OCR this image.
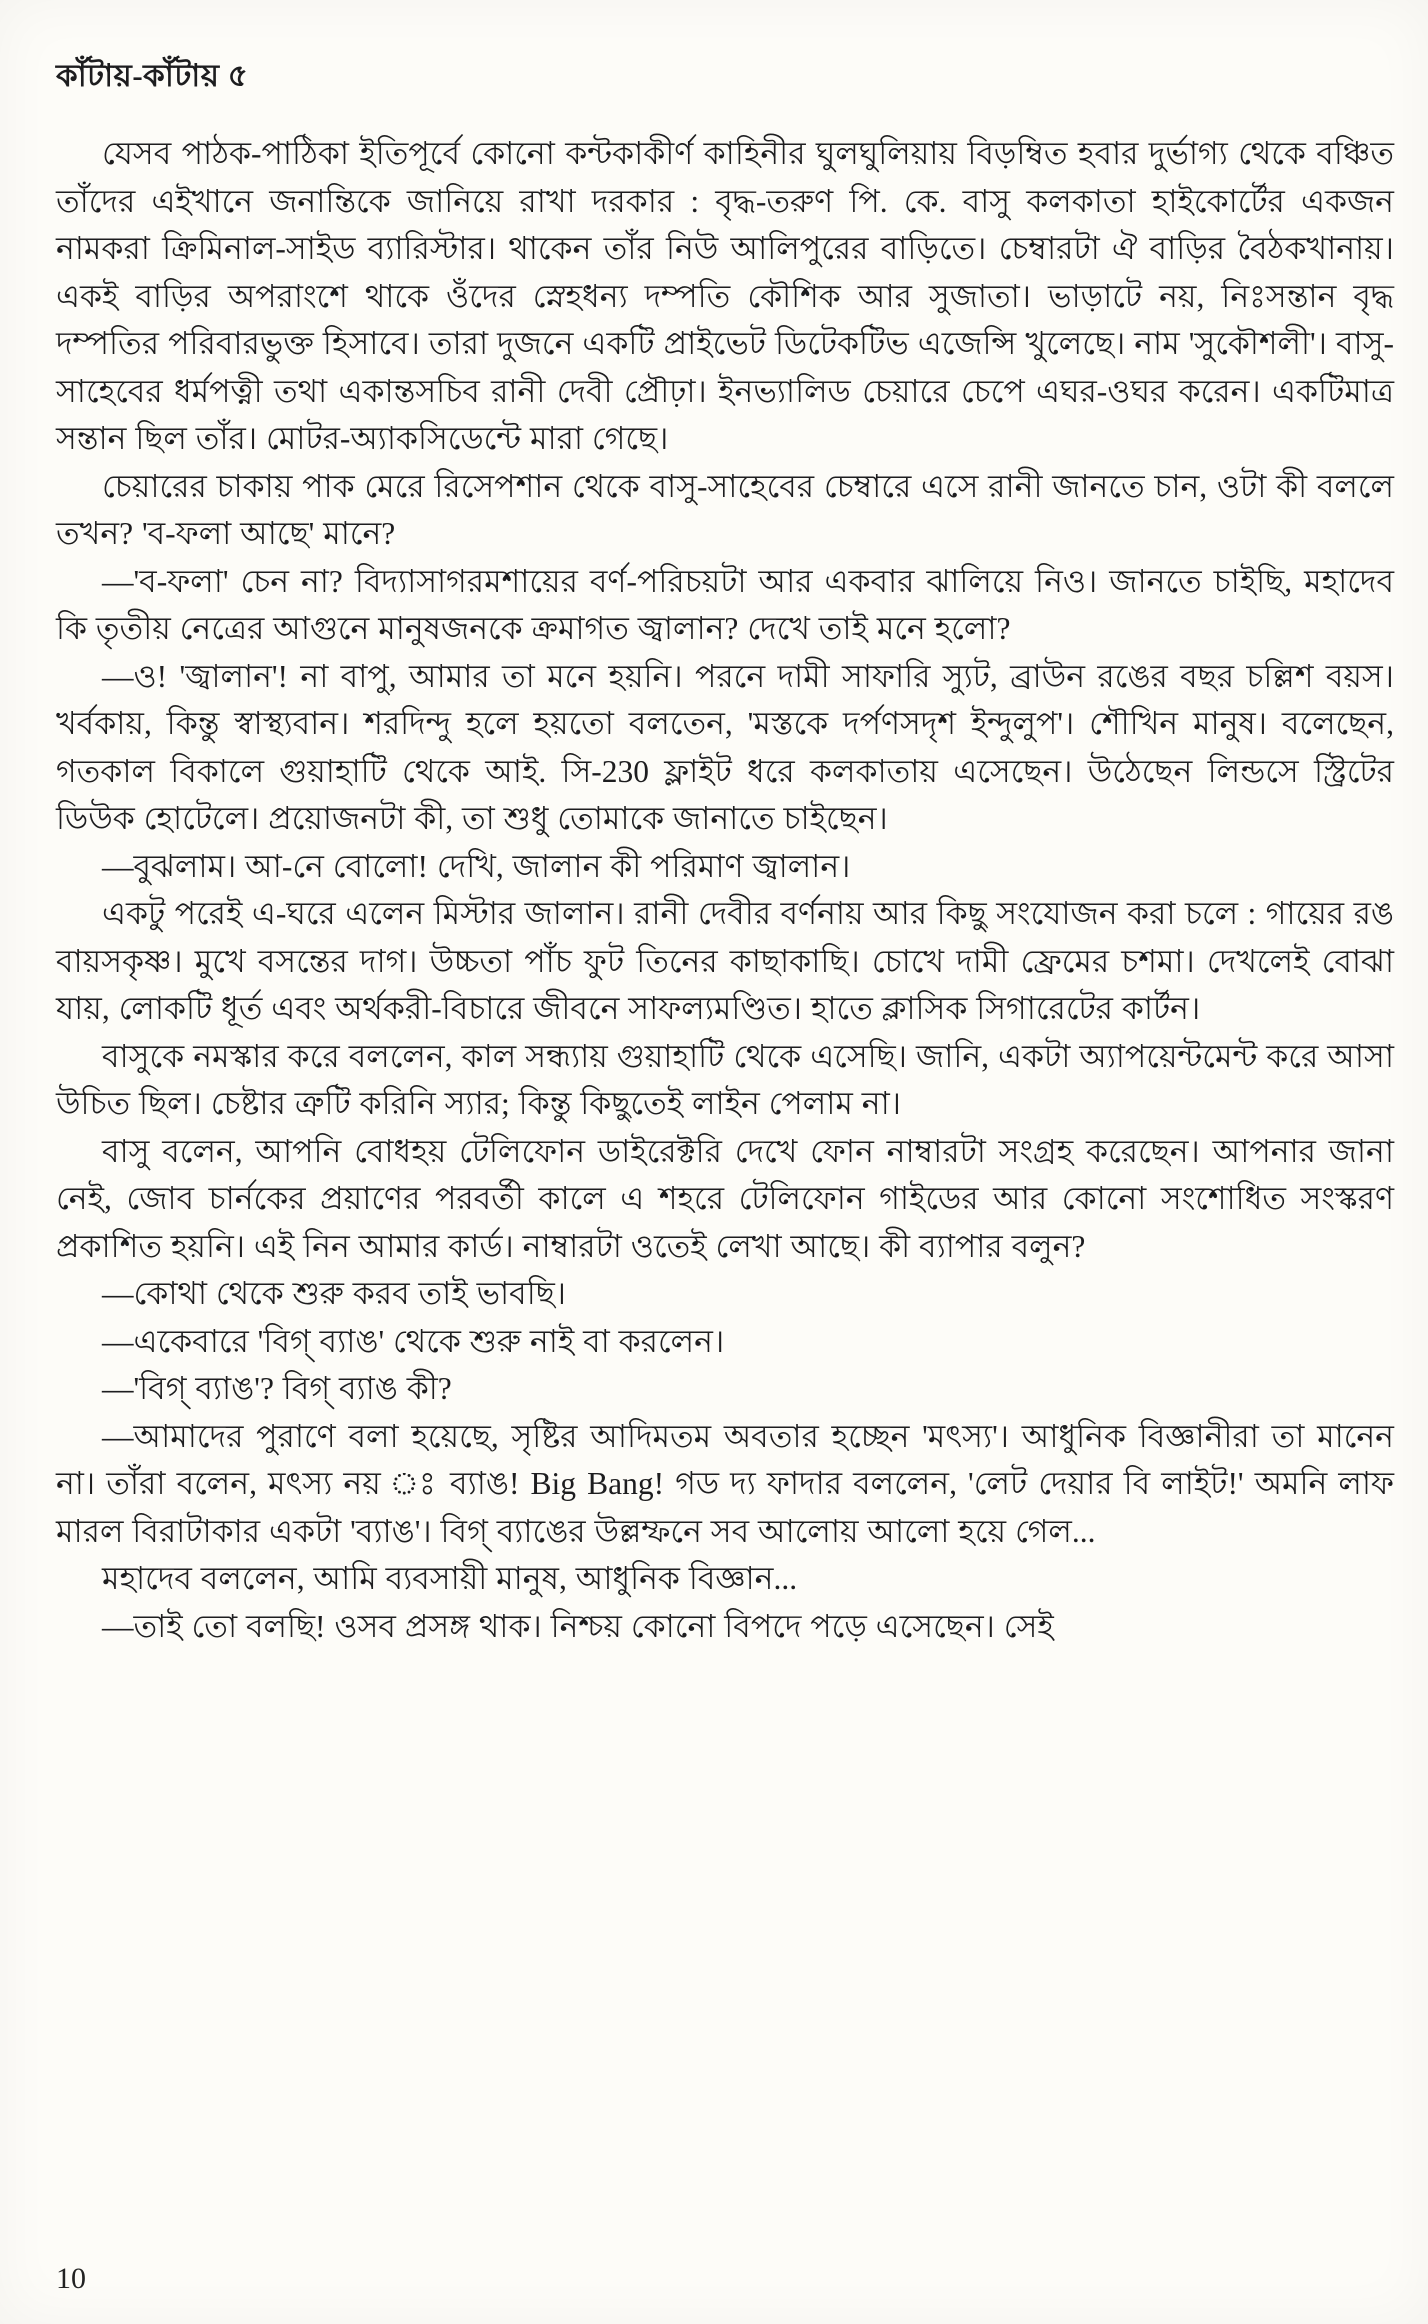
কাঁটায়-কাঁটায় ৫

যেসব পাঠক-পাঠিকা ইতিপূর্বে কোনো কন্টকাকীর্ণ কাহিনীর ঘুলঘুলিয়ায় বিড়ম্বিত হবার দুর্ভাগ্য থেকে বঞ্চিত তাঁদের এইখানে জনান্তিকে জানিয়ে রাখা দরকার : বৃদ্ধ-তরুণ পি. কে. বাসু কলকাতা হাইকোর্টের একজন নামকরা ক্রিমিনাল-সাইড ব্যারিস্টার। থাকেন তাঁর নিউ আলিপুরের বাড়িতে। চেম্বারটা ঐ বাড়ির বৈঠকখানায়। একই বাড়ির অপরাংশে থাকে ওঁদের স্নেহধন্য দম্পতি কৌশিক আর সুজাতা। ভাড়াটে নয়, নিঃসন্তান বৃদ্ধ দম্পতির পরিবারভুক্ত হিসাবে। তারা দুজনে একটি প্রাইভেট ডিটেকটিভ এজেন্সি খুলেছে। নাম 'সুকৌশলী'। বাসু-সাহেবের ধর্মপত্নী তথা একান্তসচিব রানী দেবী প্রৌঢ়া। ইনভ্যালিড চেয়ারে চেপে এঘর-ওঘর করেন। একটিমাত্র সন্তান ছিল তাঁর। মোটর-অ্যাকসিডেন্টে মারা গেছে।

চেয়ারের চাকায় পাক মেরে রিসেপশান থেকে বাসু-সাহেবের চেম্বারে এসে রানী জানতে চান, ওটা কী বললে তখন? 'ব-ফলা আছে' মানে?

—'ব-ফলা' চেন না? বিদ্যাসাগরমশায়ের বর্ণ-পরিচয়টা আর একবার ঝালিয়ে নিও। জানতে চাইছি, মহাদেব কি তৃতীয় নেত্রের আগুনে মানুষজনকে ক্রমাগত জ্বালান? দেখে তাই মনে হলো?

—ও! 'জ্বালান'! না বাপু, আমার তা মনে হয়নি। পরনে দামী সাফারি স্যুট, ব্রাউন রঙের বছর চল্লিশ বয়স। খর্বকায়, কিন্তু স্বাস্থ্যবান। শরদিন্দু হলে হয়তো বলতেন, 'মস্তকে দর্পণসদৃশ ইন্দুলুপ'। শৌখিন মানুষ। বলেছেন, গতকাল বিকালে গুয়াহাটি থেকে আই. সি-230 ফ্লাইট ধরে কলকাতায় এসেছেন। উঠেছেন লিন্ডসে স্ট্রিটের ডিউক হোটেলে। প্রয়োজনটা কী, তা শুধু তোমাকে জানাতে চাইছেন।

—বুঝলাম। আ-নে বোলো! দেখি, জালান কী পরিমাণ জ্বালান।

একটু পরেই এ-ঘরে এলেন মিস্টার জালান। রানী দেবীর বর্ণনায় আর কিছু সংযোজন করা চলে : গায়ের রঙ বায়সকৃষ্ণ। মুখে বসন্তের দাগ। উচ্চতা পাঁচ ফুট তিনের কাছাকাছি। চোখে দামী ফ্রেমের চশমা। দেখলেই বোঝা যায়, লোকটি ধূর্ত এবং অর্থকরী-বিচারে জীবনে সাফল্যমণ্ডিত। হাতে ক্লাসিক সিগারেটের কার্টন।

বাসুকে নমস্কার করে বললেন, কাল সন্ধ্যায় গুয়াহাটি থেকে এসেছি। জানি, একটা অ্যাপয়েন্টমেন্ট করে আসা উচিত ছিল। চেষ্টার ত্রুটি করিনি স্যার; কিন্তু কিছুতেই লাইন পেলাম না।

বাসু বলেন, আপনি বোধহয় টেলিফোন ডাইরেক্টরি দেখে ফোন নাম্বারটা সংগ্রহ করেছেন। আপনার জানা নেই, জোব চার্নকের প্রয়াণের পরবর্তী কালে এ শহরে টেলিফোন গাইডের আর কোনো সংশোধিত সংস্করণ প্রকাশিত হয়নি। এই নিন আমার কার্ড। নাম্বারটা ওতেই লেখা আছে। কী ব্যাপার বলুন?

—কোথা থেকে শুরু করব তাই ভাবছি।

—একেবারে 'বিগ্ ব্যাঙ' থেকে শুরু নাই বা করলেন।

—'বিগ্ ব্যাঙ'? বিগ্ ব্যাঙ কী?

—আমাদের পুরাণে বলা হয়েছে, সৃষ্টির আদিমতম অবতার হচ্ছেন 'মৎস্য'। আধুনিক বিজ্ঞানীরা তা মানেন না। তাঁরা বলেন, মৎস্য নয় ঃ ব্যাঙ! Big Bang! গড দ্য ফাদার বললেন, 'লেট দেয়ার বি লাইট!' অমনি লাফ মারল বিরাটাকার একটা 'ব্যাঙ'। বিগ্ ব্যাঙের উল্লম্ফনে সব আলোয় আলো হয়ে গেল...

মহাদেব বললেন, আমি ব্যবসায়ী মানুষ, আধুনিক বিজ্ঞান...

—তাই তো বলছি! ওসব প্রসঙ্গ থাক। নিশ্চয় কোনো বিপদে পড়ে এসেছেন। সেই

10
